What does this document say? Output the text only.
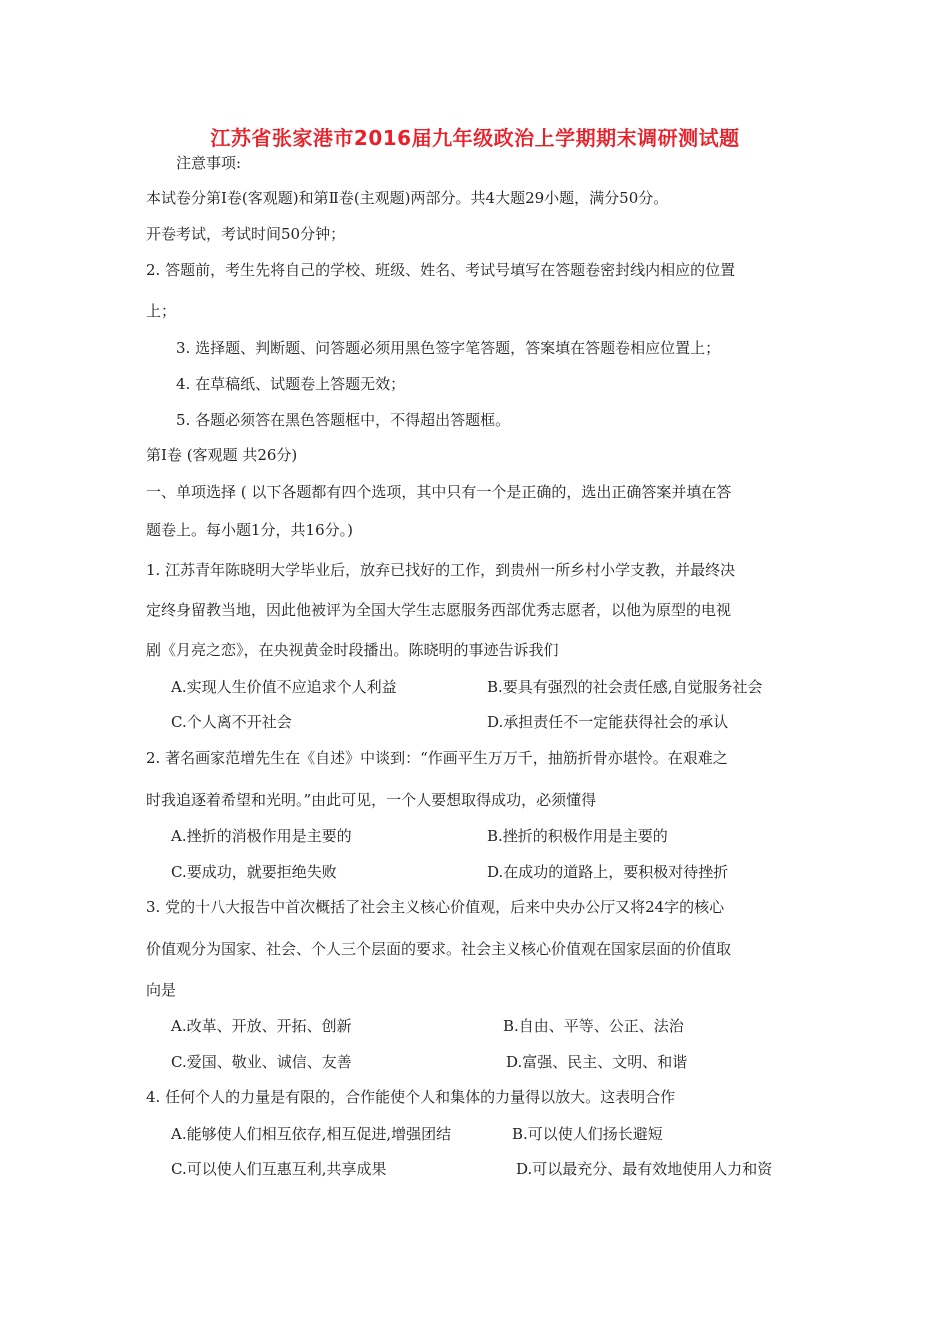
江苏省张家港市2016届九年级政治上学期期末调研测试题
注意事项:
本试卷分第Ⅰ卷(客观题)和第Ⅱ卷(主观题)两部分。共4大题29小题，满分50分。
开卷考试，考试时间50分钟；
2. 答题前，考生先将自己的学校、班级、姓名、考试号填写在答题卷密封线内相应的位置
上；
3. 选择题、判断题、问答题必须用黑色签字笔答题，答案填在答题卷相应位置上；
4. 在草稿纸、试题卷上答题无效；
5. 各题必须答在黑色答题框中，不得超出答题框。
第Ⅰ卷 (客观题 共26分)
一、单项选择 ( 以下各题都有四个选项，其中只有一个是正确的，选出正确答案并填在答
题卷上。每小题1分，共16分。)
1. 江苏青年陈晓明大学毕业后，放弃已找好的工作，到贵州一所乡村小学支教，并最终决
定终身留教当地，因此他被评为全国大学生志愿服务西部优秀志愿者，以他为原型的电视
剧《月亮之恋》，在央视黄金时段播出。陈晓明的事迹告诉我们
A.实现人生价值不应追求个人利益	B.要具有强烈的社会责任感,自觉服务社会
C.个人离不开社会	D.承担责任不一定能获得社会的承认
2. 著名画家范增先生在《自述》中谈到：“作画平生万万千，抽筋折骨亦堪怜。在艰难之
时我追逐着希望和光明。”由此可见，一个人要想取得成功，必须懂得
A.挫折的消极作用是主要的	B.挫折的积极作用是主要的
C.要成功，就要拒绝失败	D.在成功的道路上，要积极对待挫折
3. 党的十八大报告中首次概括了社会主义核心价值观，后来中央办公厅又将24字的核心
价值观分为国家、社会、个人三个层面的要求。社会主义核心价值观在国家层面的价值取
向是
A.改革、开放、开拓、创新	B.自由、平等、公正、法治
C.爱国、敬业、诚信、友善	D.富强、民主、文明、和谐
4. 任何个人的力量是有限的，合作能使个人和集体的力量得以放大。这表明合作
A.能够使人们相互依存,相互促进,增强团结	B.可以使人们扬长避短
C.可以使人们互惠互利,共享成果	D.可以最充分、最有效地使用人力和资
